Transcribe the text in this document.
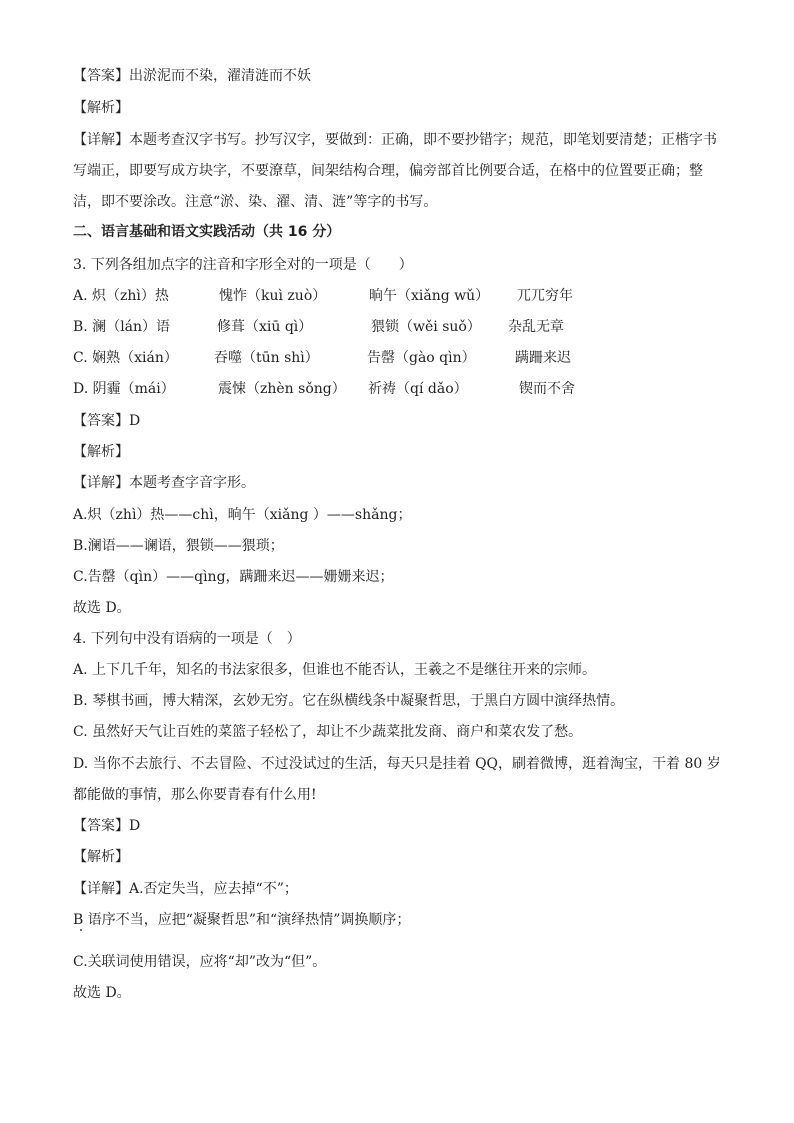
【答案】出淤泥而不染，濯清涟而不妖
【解析】
【详解】本题考查汉字书写。抄写汉字，要做到：正确，即不要抄错字；规范，即笔划要清楚；正楷字书
写端正，即要写成方块字，不要潦草，间架结构合理，偏旁部首比例要合适，在格中的位置要正确；整
洁，即不要涂改。注意“淤、染、濯、清、涟”等字的书写。
二、语言基础和语文实践活动（共 16 分）
3. 下列各组加点字的注音和字形全对的一项是（　　）
A. 炽（zhì）热	愧怍（kuì zuò）	晌午（xiǎng wǔ） 兀兀穷年
B. 澜（lán）语	修葺（xiū qì）	猥锁（wěi suǒ） 杂乱无章
C. 娴熟（xián）	吞噬（tūn shì）	告罄（gào qìn）	蹒跚来迟
D. 阴霾（mái）	震悚（zhèn sǒng） 祈祷（qí dǎo）	锲而不舍
【答案】D
【解析】
【详解】本题考查字音字形。
A.炽（zhì）热——chì，晌午（xiǎng ）——shǎng；
B.澜语——谰语，猥锁——猥琐；
C.告罄（qìn）——qìng，蹒跚来迟——姗姗来迟；
故选 D。
4. 下列句中没有语病的一项是（　）
A. 上下几千年，知名的书法家很多，但谁也不能否认，王羲之不是继往开来的宗师。
B. 琴棋书画，博大精深，玄妙无穷。它在纵横线条中凝聚哲思，于黑白方圆中演绎热情。
C. 虽然好天气让百姓的菜篮子轻松了，却让不少蔬菜批发商、商户和菜农发了愁。
D. 当你不去旅行、不去冒险、不过没试过的生活，每天只是挂着 QQ，刷着微博，逛着淘宝，干着 80 岁
都能做的事情，那么你要青春有什么用!
【答案】D
【解析】
【详解】A.否定失当，应去掉“不”；
B 语序不当，应把“凝聚哲思”和“演绎热情”调换顺序；
C.关联词使用错误，应将“却”改为“但”。
故选 D。
